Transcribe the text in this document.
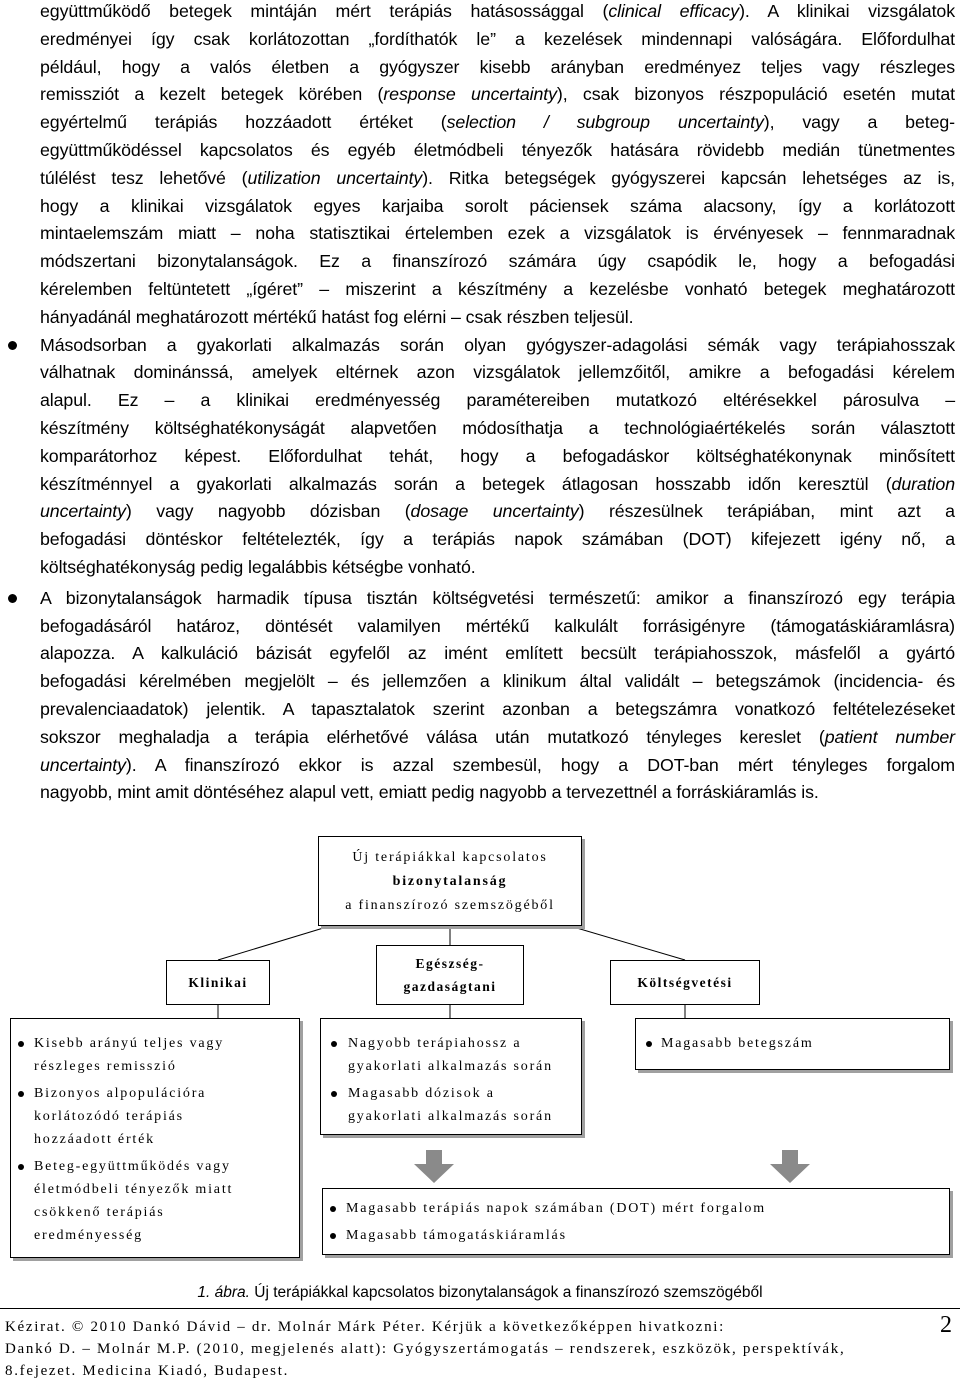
együttműködő betegek mintáján mért terápiás hatásossággal (clinical efficacy). A klinikai vizsgálatok
eredményei így csak korlátozottan „fordíthatók le” a kezelések mindennapi valóságára. Előfordulhat
például, hogy a valós életben a gyógyszer kisebb arányban eredményez teljes vagy részleges
remissziót a kezelt betegek körében (response uncertainty), csak bizonyos részpopuláció esetén mutat
egyértelmű terápiás hozzáadott értéket (selection / subgroup uncertainty), vagy a beteg-
együttműködéssel kapcsolatos és egyéb életmódbeli tényezők hatására rövidebb medián tünetmentes
túlélést tesz lehetővé (utilization uncertainty). Ritka betegségek gyógyszerei kapcsán lehetséges az is,
hogy a klinikai vizsgálatok egyes karjaiba sorolt páciensek száma alacsony, így a korlátozott
mintaelemszám miatt – noha statisztikai értelemben ezek a vizsgálatok is érvényesek – fennmaradnak
módszertani bizonytalanságok. Ez a finanszírozó számára úgy csapódik le, hogy a befogadási
kérelemben feltüntetett „ígéret” – miszerint a készítmény a kezelésbe vonható betegek meghatározott
hányadánál meghatározott mértékű hatást fog elérni – csak részben teljesül.
Másodsorban a gyakorlati alkalmazás során olyan gyógyszer-adagolási sémák vagy terápiahosszak
válhatnak dominánssá, amelyek eltérnek azon vizsgálatok jellemzőitől, amikre a befogadási kérelem
alapul. Ez – a klinikai eredményesség paramétereiben mutatkozó eltérésekkel párosulva –
készítmény költséghatékonyságát alapvetően módosíthatja a technológiaértékelés során választott
komparátorhoz képest. Előfordulhat tehát, hogy a befogadáskor költséghatékonynak minősített
készítménnyel a gyakorlati alkalmazás során a betegek átlagosan hosszabb időn keresztül (duration
uncertainty) vagy nagyobb dózisban (dosage uncertainty) részesülnek terápiában, mint azt a
befogadási döntéskor feltételezték, így a terápiás napok számában (DOT) kifejezett igény nő, a
költséghatékonyság pedig legalábbis kétségbe vonható.
A bizonytalanságok harmadik típusa tisztán költségvetési természetű: amikor a finanszírozó egy terápia
befogadásáról határoz, döntését valamilyen mértékű kalkulált forrásigényre (támogatáskiáramlásra)
alapozza. A kalkuláció bázisát egyfelől az imént említett becsült terápiahosszok, másfelől a gyártó
befogadási kérelmében megjelölt – és jellemzően a klinikum által validált – betegszámok (incidencia- és
prevalenciaadatok) jelentik. A tapasztalatok szerint azonban a betegszámra vonatkozó feltételezéseket
sokszor meghaladja a terápia elérhetővé válása után mutatkozó tényleges kereslet (patient number
uncertainty). A finanszírozó ekkor is azzal szembesül, hogy a DOT-ban mért tényleges forgalom
nagyobb, mint amit döntéséhez alapul vett, emiatt pedig nagyobb a tervezettnél a forráskiáramlás is.
Új terápiákkal kapcsolatos
bizonytalanság
a finanszírozó szemszögéből
Klinikai
Egészség-
gazdaságtani	Költségvetési
Kisebb arányú teljes vagy
részleges remisszió
Bizonyos alpopulációra
korlátozódó terápiás
hozzáadott érték
Beteg-együttműködés vagy
életmódbeli tényezők miatt
csökkenő terápiás
eredményesség
Nagyobb terápiahossz a
gyakorlati alkalmazás során
Magasabb dózisok a
gyakorlati alkalmazás során
Magasabb betegszám
Magasabb terápiás napok számában (DOT) mért forgalom
Magasabb támogatáskiáramlás
1. ábra. Új terápiákkal kapcsolatos bizonytalanságok a finanszírozó szemszögéből
Kézirat. © 2010 Dankó Dávid – dr. Molnár Márk Péter. Kérjük a következőképpen hivatkozni:
Dankó D. – Molnár M.P. (2010, megjelenés alatt): Gyógyszertámogatás – rendszerek, eszközök, perspektívák,
8.fejezet. Medicina Kiadó, Budapest.
2
